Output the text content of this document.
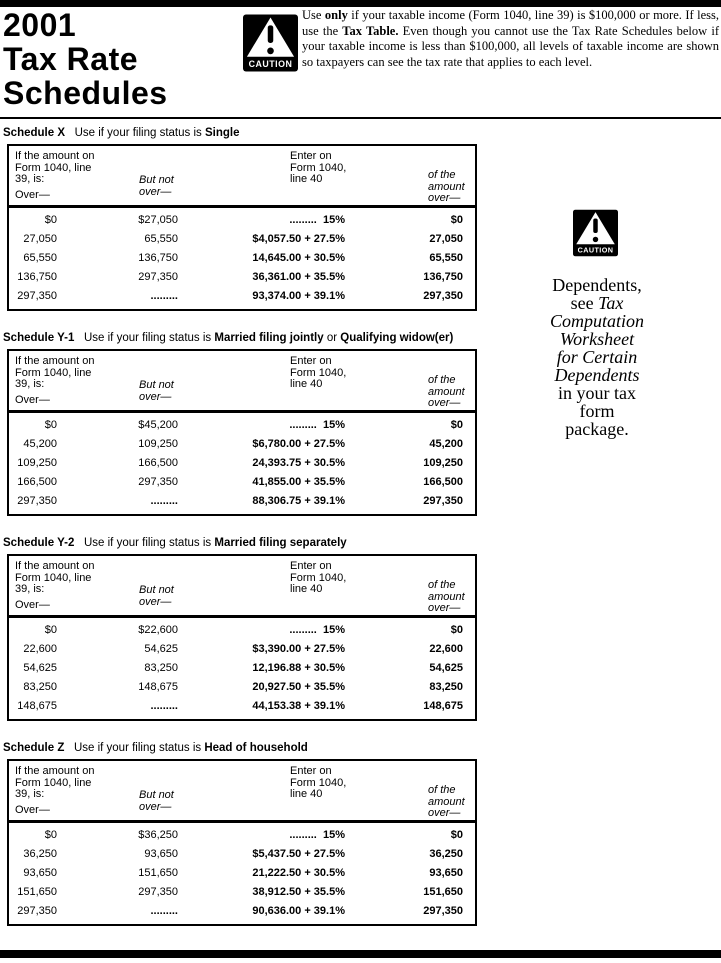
2001
Tax Rate
Schedules
CAUTION
Use only if your taxable income (Form 1040, line 39) is $100,000 or more. If less, use the Tax Table. Even though you cannot use the Tax Rate Schedules below if your taxable income is less than $100,000, all levels of taxable income are shown so taxpayers can see the tax rate that applies to each level.
Schedule X   Use if your filing status is Single
If the amount on
Form 1040, line
39, is:
Over—
But not
over—
Enter on
Form 1040,
line 40	of the
amount
over—
$0	$27,050	.........  15%	$0
27,050	65,550	$4,057.50 + 27.5%	27,050
65,550	136,750	14,645.00 + 30.5%	65,550
136,750	297,350	36,361.00 + 35.5%	136,750
297,350	.........	93,374.00 + 39.1%	297,350
Schedule Y-1   Use if your filing status is Married filing jointly or Qualifying widow(er)
If the amount on
Form 1040, line
39, is:
Over—
But not
over—
Enter on
Form 1040,
line 40	of the
amount
over—
$0	$45,200	.........  15%	$0
45,200	109,250	$6,780.00 + 27.5%	45,200
109,250	166,500	24,393.75 + 30.5%	109,250
166,500	297,350	41,855.00 + 35.5%	166,500
297,350	.........	88,306.75 + 39.1%	297,350
Schedule Y-2   Use if your filing status is Married filing separately
If the amount on
Form 1040, line
39, is:
Over—
But not
over—
Enter on
Form 1040,
line 40	of the
amount
over—
$0	$22,600	.........  15%	$0
22,600	54,625	$3,390.00 + 27.5%	22,600
54,625	83,250	12,196.88 + 30.5%	54,625
83,250	148,675	20,927.50 + 35.5%	83,250
148,675	.........	44,153.38 + 39.1%	148,675
Schedule Z   Use if your filing status is Head of household
If the amount on
Form 1040, line
39, is:
Over—
But not
over—
Enter on
Form 1040,
line 40	of the
amount
over—
$0	$36,250	.........  15%	$0
36,250	93,650	$5,437.50 + 27.5%	36,250
93,650	151,650	21,222.50 + 30.5%	93,650
151,650	297,350	38,912.50 + 35.5%	151,650
297,350	.........	90,636.00 + 39.1%	297,350
CAUTION
Dependents,
see Tax
Computation
Worksheet
for Certain
Dependents
in your tax
form
package.
